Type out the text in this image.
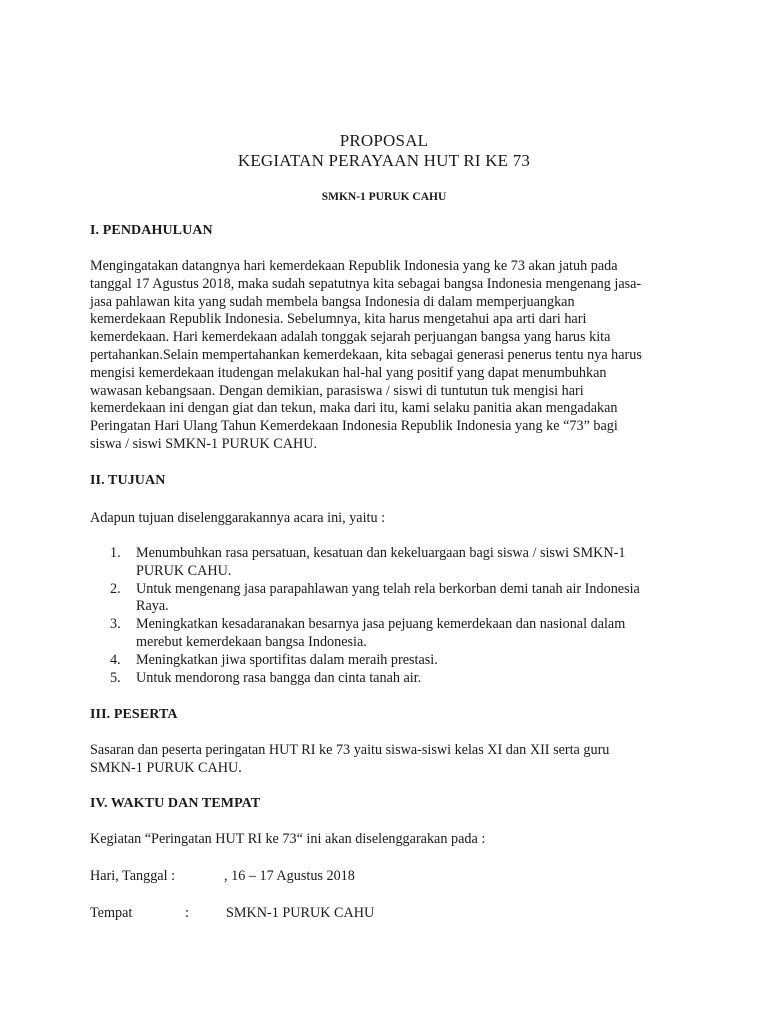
PROPOSAL
KEGIATAN PERAYAAN HUT RI KE 73
SMKN-1 PURUK CAHU
I. PENDAHULUAN
Mengingatakan datangnya hari kemerdekaan Republik Indonesia yang ke 73 akan jatuh pada
tanggal 17 Agustus 2018, maka sudah sepatutnya kita sebagai bangsa Indonesia mengenang jasa-
jasa pahlawan kita yang sudah membela bangsa Indonesia di dalam memperjuangkan
kemerdekaan Republik Indonesia. Sebelumnya, kita harus mengetahui apa arti dari hari
kemerdekaan. Hari kemerdekaan adalah tonggak sejarah perjuangan bangsa yang harus kita
pertahankan.Selain mempertahankan kemerdekaan, kita sebagai generasi penerus tentu nya harus
mengisi kemerdekaan itudengan melakukan hal-hal yang positif yang dapat menumbuhkan
wawasan kebangsaan. Dengan demikian, parasiswa / siswi di tuntutun tuk mengisi hari
kemerdekaan ini dengan giat dan tekun, maka dari itu, kami selaku panitia akan mengadakan
Peringatan Hari Ulang Tahun Kemerdekaan Indonesia Republik Indonesia yang ke “73” bagi
siswa / siswi SMKN-1 PURUK CAHU.
II. TUJUAN
Adapun tujuan diselenggarakannya acara ini, yaitu :
1. Menumbuhkan rasa persatuan, kesatuan dan kekeluargaan bagi siswa / siswi SMKN-1
PURUK CAHU.
2. Untuk mengenang jasa parapahlawan yang telah rela berkorban demi tanah air Indonesia
Raya.
3. Meningkatkan kesadaranakan besarnya jasa pejuang kemerdekaan dan nasional dalam
merebut kemerdekaan bangsa Indonesia.
4. Meningkatkan jiwa sportifitas dalam meraih prestasi.
5. Untuk mendorong rasa bangga dan cinta tanah air.
III. PESERTA
Sasaran dan peserta peringatan HUT RI ke 73 yaitu siswa-siswi kelas XI dan XII serta guru
SMKN-1 PURUK CAHU.
IV. WAKTU DAN TEMPAT
Kegiatan “Peringatan HUT RI ke 73“ ini akan diselenggarakan pada :
Hari, Tanggal :	, 16 – 17 Agustus 2018
Tempat	:	SMKN-1 PURUK CAHU
